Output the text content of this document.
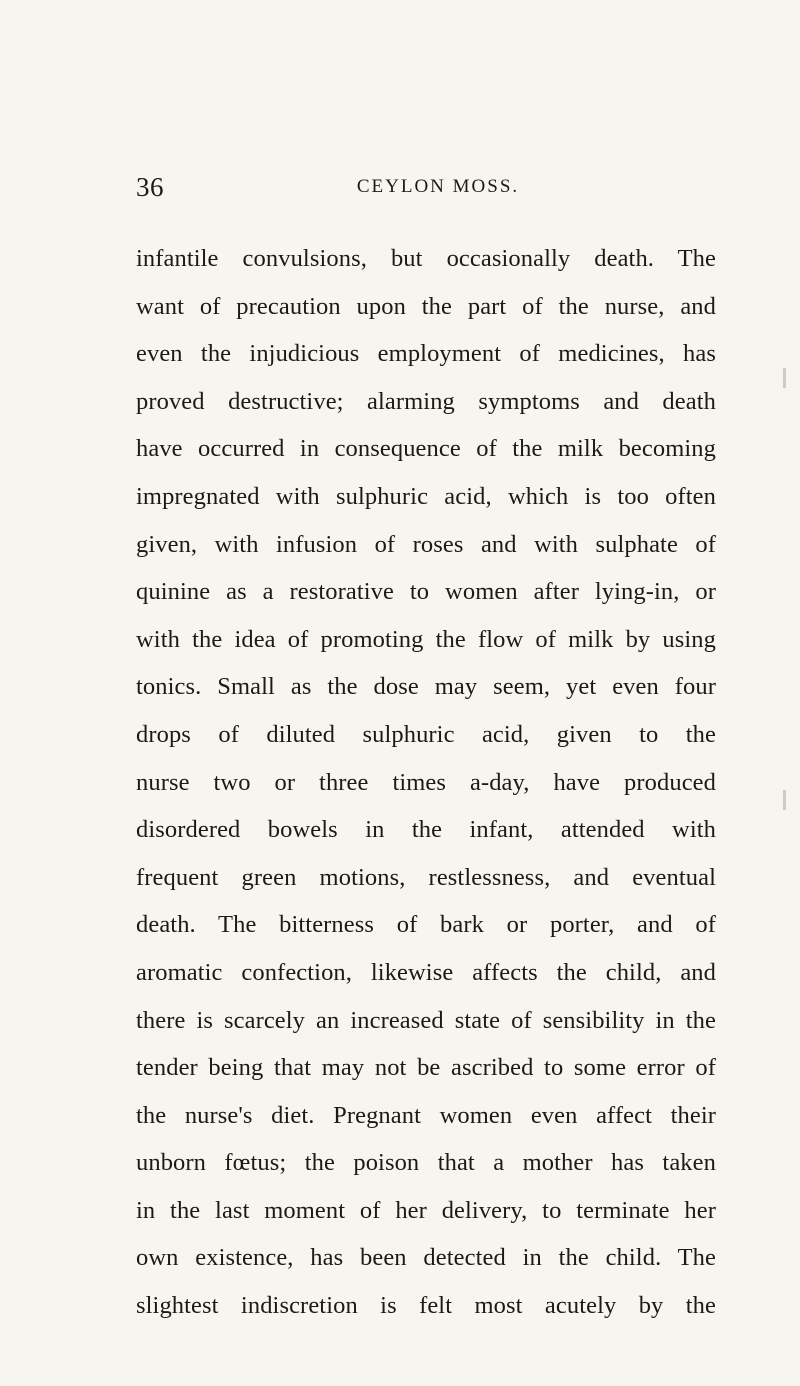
36	CEYLON MOSS.
infantile convulsions, but occasionally death. The
want of precaution upon the part of the nurse, and
even the injudicious employment of medicines, has
proved destructive; alarming symptoms and death
have occurred in consequence of the milk becoming
impregnated with sulphuric acid, which is too often
given, with infusion of roses and with sulphate of
quinine as a restorative to women after lying-in, or
with the idea of promoting the flow of milk by using
tonics. Small as the dose may seem, yet even four
drops of diluted sulphuric acid, given to the
nurse two or three times a-day, have produced
disordered bowels in the infant, attended with
frequent green motions, restlessness, and eventual
death. The bitterness of bark or porter, and of
aromatic confection, likewise affects the child, and
there is scarcely an increased state of sensibility in the
tender being that may not be ascribed to some error of
the nurse's diet. Pregnant women even affect their
unborn fœtus; the poison that a mother has taken
in the last moment of her delivery, to terminate her
own existence, has been detected in the child. The
slightest indiscretion is felt most acutely by the
